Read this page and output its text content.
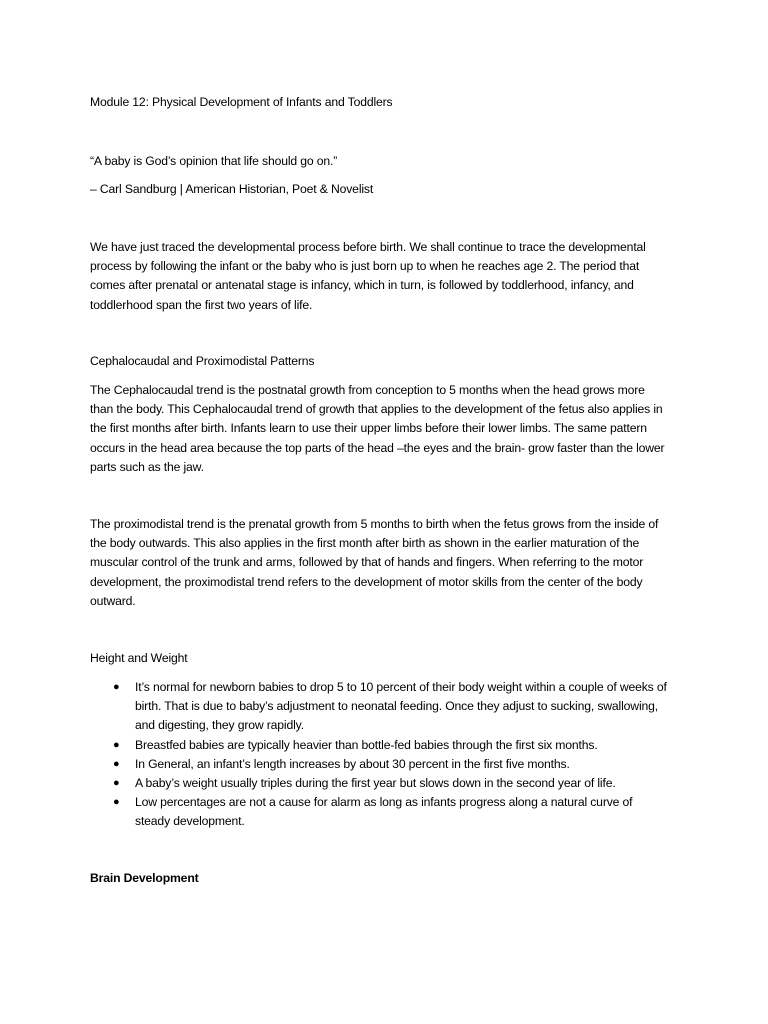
Module 12: Physical Development of Infants and Toddlers
“A baby is God’s opinion that life should go on.”
– Carl Sandburg | American Historian, Poet & Novelist

We have just traced the developmental process before birth. We shall continue to trace the developmental process by following the infant or the baby who is just born up to when he reaches age 2. The period that comes after prenatal or antenatal stage is infancy, which in turn, is followed by toddlerhood, infancy, and toddlerhood span the first two years of life.

Cephalocaudal and Proximodistal Patterns

The Cephalocaudal trend is the postnatal growth from conception to 5 months when the head grows more than the body. This Cephalocaudal trend of growth that applies to the development of the fetus also applies in the first months after birth. Infants learn to use their upper limbs before their lower limbs. The same pattern occurs in the head area because the top parts of the head –the eyes and the brain- grow faster than the lower parts such as the jaw.

The proximodistal trend is the prenatal growth from 5 months to birth when the fetus grows from the inside of the body outwards. This also applies in the first month after birth as shown in the earlier maturation of the muscular control of the trunk and arms, followed by that of hands and fingers. When referring to the motor development, the proximodistal trend refers to the development of motor skills from the center of the body outward.

Height and Weight
● It’s normal for newborn babies to drop 5 to 10 percent of their body weight within a couple of weeks of birth. That is due to baby’s adjustment to neonatal feeding. Once they adjust to sucking, swallowing, and digesting, they grow rapidly.
● Breastfed babies are typically heavier than bottle-fed babies through the first six months.
● In General, an infant’s length increases by about 30 percent in the first five months.
● A baby’s weight usually triples during the first year but slows down in the second year of life.
● Low percentages are not a cause for alarm as long as infants progress along a natural curve of steady development.
Brain Development
